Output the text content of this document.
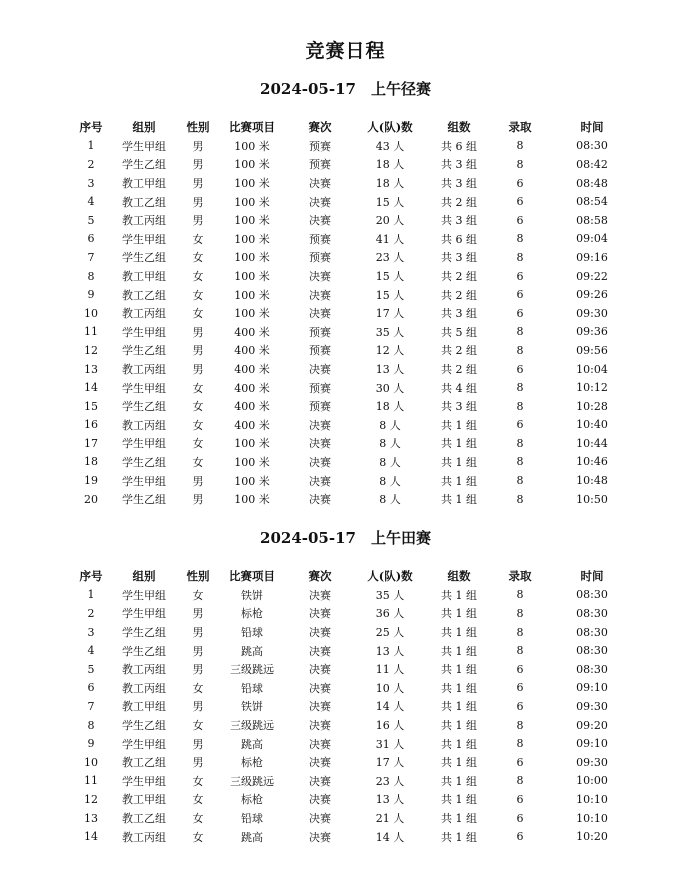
竞赛日程
2024-05-17　上午径赛
序号	组别	性别	比赛项目	赛次	人(队)数	组数	录取	时间
1	学生甲组	男	100 米	预赛	43 人	共 6 组	8	08:30
2	学生乙组	男	100 米	预赛	18 人	共 3 组	8	08:42
3	教工甲组	男	100 米	决赛	18 人	共 3 组	6	08:48
4	教工乙组	男	100 米	决赛	15 人	共 2 组	6	08:54
5	教工丙组	男	100 米	决赛	20 人	共 3 组	6	08:58
6	学生甲组	女	100 米	预赛	41 人	共 6 组	8	09:04
7	学生乙组	女	100 米	预赛	23 人	共 3 组	8	09:16
8	教工甲组	女	100 米	决赛	15 人	共 2 组	6	09:22
9	教工乙组	女	100 米	决赛	15 人	共 2 组	6	09:26
10	教工丙组	女	100 米	决赛	17 人	共 3 组	6	09:30
11	学生甲组	男	400 米	预赛	35 人	共 5 组	8	09:36
12	学生乙组	男	400 米	预赛	12 人	共 2 组	8	09:56
13	教工丙组	男	400 米	决赛	13 人	共 2 组	6	10:04
14	学生甲组	女	400 米	预赛	30 人	共 4 组	8	10:12
15	学生乙组	女	400 米	预赛	18 人	共 3 组	8	10:28
16	教工丙组	女	400 米	决赛	8 人	共 1 组	6	10:40
17	学生甲组	女	100 米	决赛	8 人	共 1 组	8	10:44
18	学生乙组	女	100 米	决赛	8 人	共 1 组	8	10:46
19	学生甲组	男	100 米	决赛	8 人	共 1 组	8	10:48
20	学生乙组	男	100 米	决赛	8 人	共 1 组	8	10:50
2024-05-17　上午田赛
序号	组别	性别	比赛项目	赛次	人(队)数	组数	录取	时间
1	学生甲组	女	铁饼	决赛	35 人	共 1 组	8	08:30
2	学生甲组	男	标枪	决赛	36 人	共 1 组	8	08:30
3	学生乙组	男	铅球	决赛	25 人	共 1 组	8	08:30
4	学生乙组	男	跳高	决赛	13 人	共 1 组	8	08:30
5	教工丙组	男	三级跳远	决赛	11 人	共 1 组	6	08:30
6	教工丙组	女	铅球	决赛	10 人	共 1 组	6	09:10
7	教工甲组	男	铁饼	决赛	14 人	共 1 组	6	09:30
8	学生乙组	女	三级跳远	决赛	16 人	共 1 组	8	09:20
9	学生甲组	男	跳高	决赛	31 人	共 1 组	8	09:10
10	教工乙组	男	标枪	决赛	17 人	共 1 组	6	09:30
11	学生甲组	女	三级跳远	决赛	23 人	共 1 组	8	10:00
12	教工甲组	女	标枪	决赛	13 人	共 1 组	6	10:10
13	教工乙组	女	铅球	决赛	21 人	共 1 组	6	10:10
14	教工丙组	女	跳高	决赛	14 人	共 1 组	6	10:20
